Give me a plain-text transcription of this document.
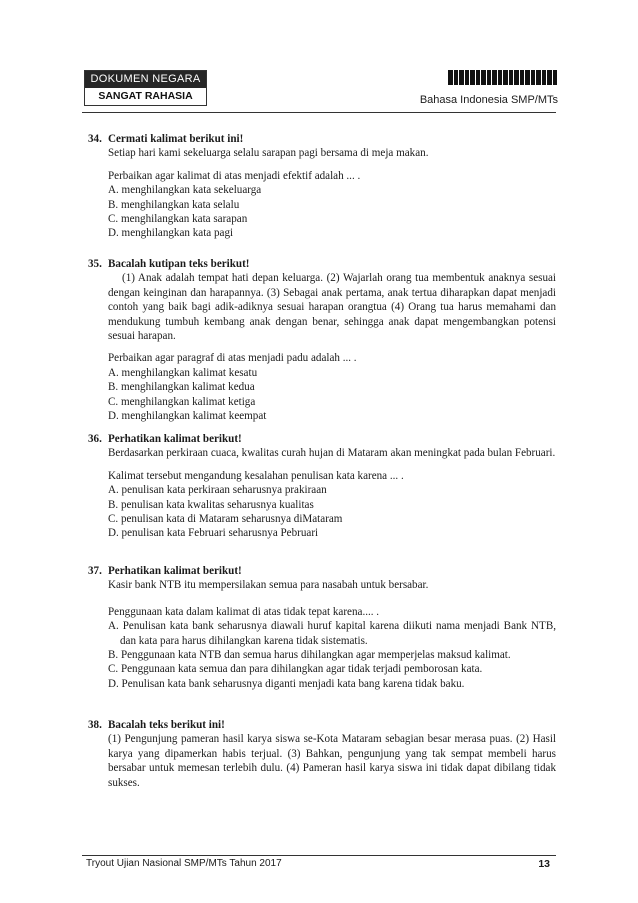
DOKUMEN NEGARA
SANGAT RAHASIA	Bahasa Indonesia SMP/MTs
34. Cermati kalimat berikut ini!

Setiap hari kami sekeluarga selalu sarapan pagi bersama di meja makan.

Perbaikan agar kalimat di atas menjadi efektif adalah ... .

A. menghilangkan kata sekeluarga
B. menghilangkan kata selalu
C. menghilangkan kata sarapan
D. menghilangkan kata pagi
35. Bacalah kutipan teks berikut!

(1) Anak adalah tempat hati depan keluarga. (2) Wajarlah orang tua membentuk anaknya sesuai dengan keinginan dan harapannya. (3) Sebagai anak pertama, anak tertua diharapkan dapat menjadi contoh yang baik bagi adik-adiknya sesuai harapan orangtua (4) Orang tua harus memahami dan mendukung tumbuh kembang anak dengan benar, sehingga anak dapat mengembangkan potensi sesuai harapan.

Perbaikan agar paragraf di atas menjadi padu adalah ... .

A. menghilangkan kalimat kesatu
B. menghilangkan kalimat kedua
C. menghilangkan kalimat ketiga
D. menghilangkan kalimat keempat
36. Perhatikan kalimat berikut!

Berdasarkan perkiraan cuaca, kwalitas curah hujan di Mataram akan meningkat pada bulan Februari.

Kalimat tersebut mengandung kesalahan penulisan kata karena ... .

A. penulisan kata perkiraan seharusnya prakiraan
B. penulisan kata kwalitas seharusnya kualitas
C. penulisan kata di Mataram seharusnya diMataram
D. penulisan kata Februari seharusnya Pebruari
37. Perhatikan kalimat berikut!

Kasir bank NTB itu mempersilakan semua para nasabah untuk bersabar.

Penggunaan kata dalam kalimat di atas tidak tepat karena.... .

A. Penulisan kata bank seharusnya diawali huruf kapital karena diikuti nama menjadi Bank NTB, dan kata para harus dihilangkan karena tidak sistematis.

B. Penggunaan kata NTB dan semua harus dihilangkan agar memperjelas maksud kalimat.

C. Penggunaan kata semua dan para dihilangkan agar tidak terjadi pemborosan kata.

D. Penulisan kata bank seharusnya diganti menjadi kata bang karena tidak baku.

38. Bacalah teks berikut ini!

(1) Pengunjung pameran hasil karya siswa se-Kota Mataram sebagian besar merasa puas. (2) Hasil karya yang dipamerkan habis terjual. (3) Bahkan, pengunjung yang tak sempat membeli harus bersabar untuk memesan terlebih dulu. (4) Pameran hasil karya siswa ini tidak dapat dibilang tidak sukses.

Tryout Ujian Nasional SMP/MTs Tahun 2017	13
